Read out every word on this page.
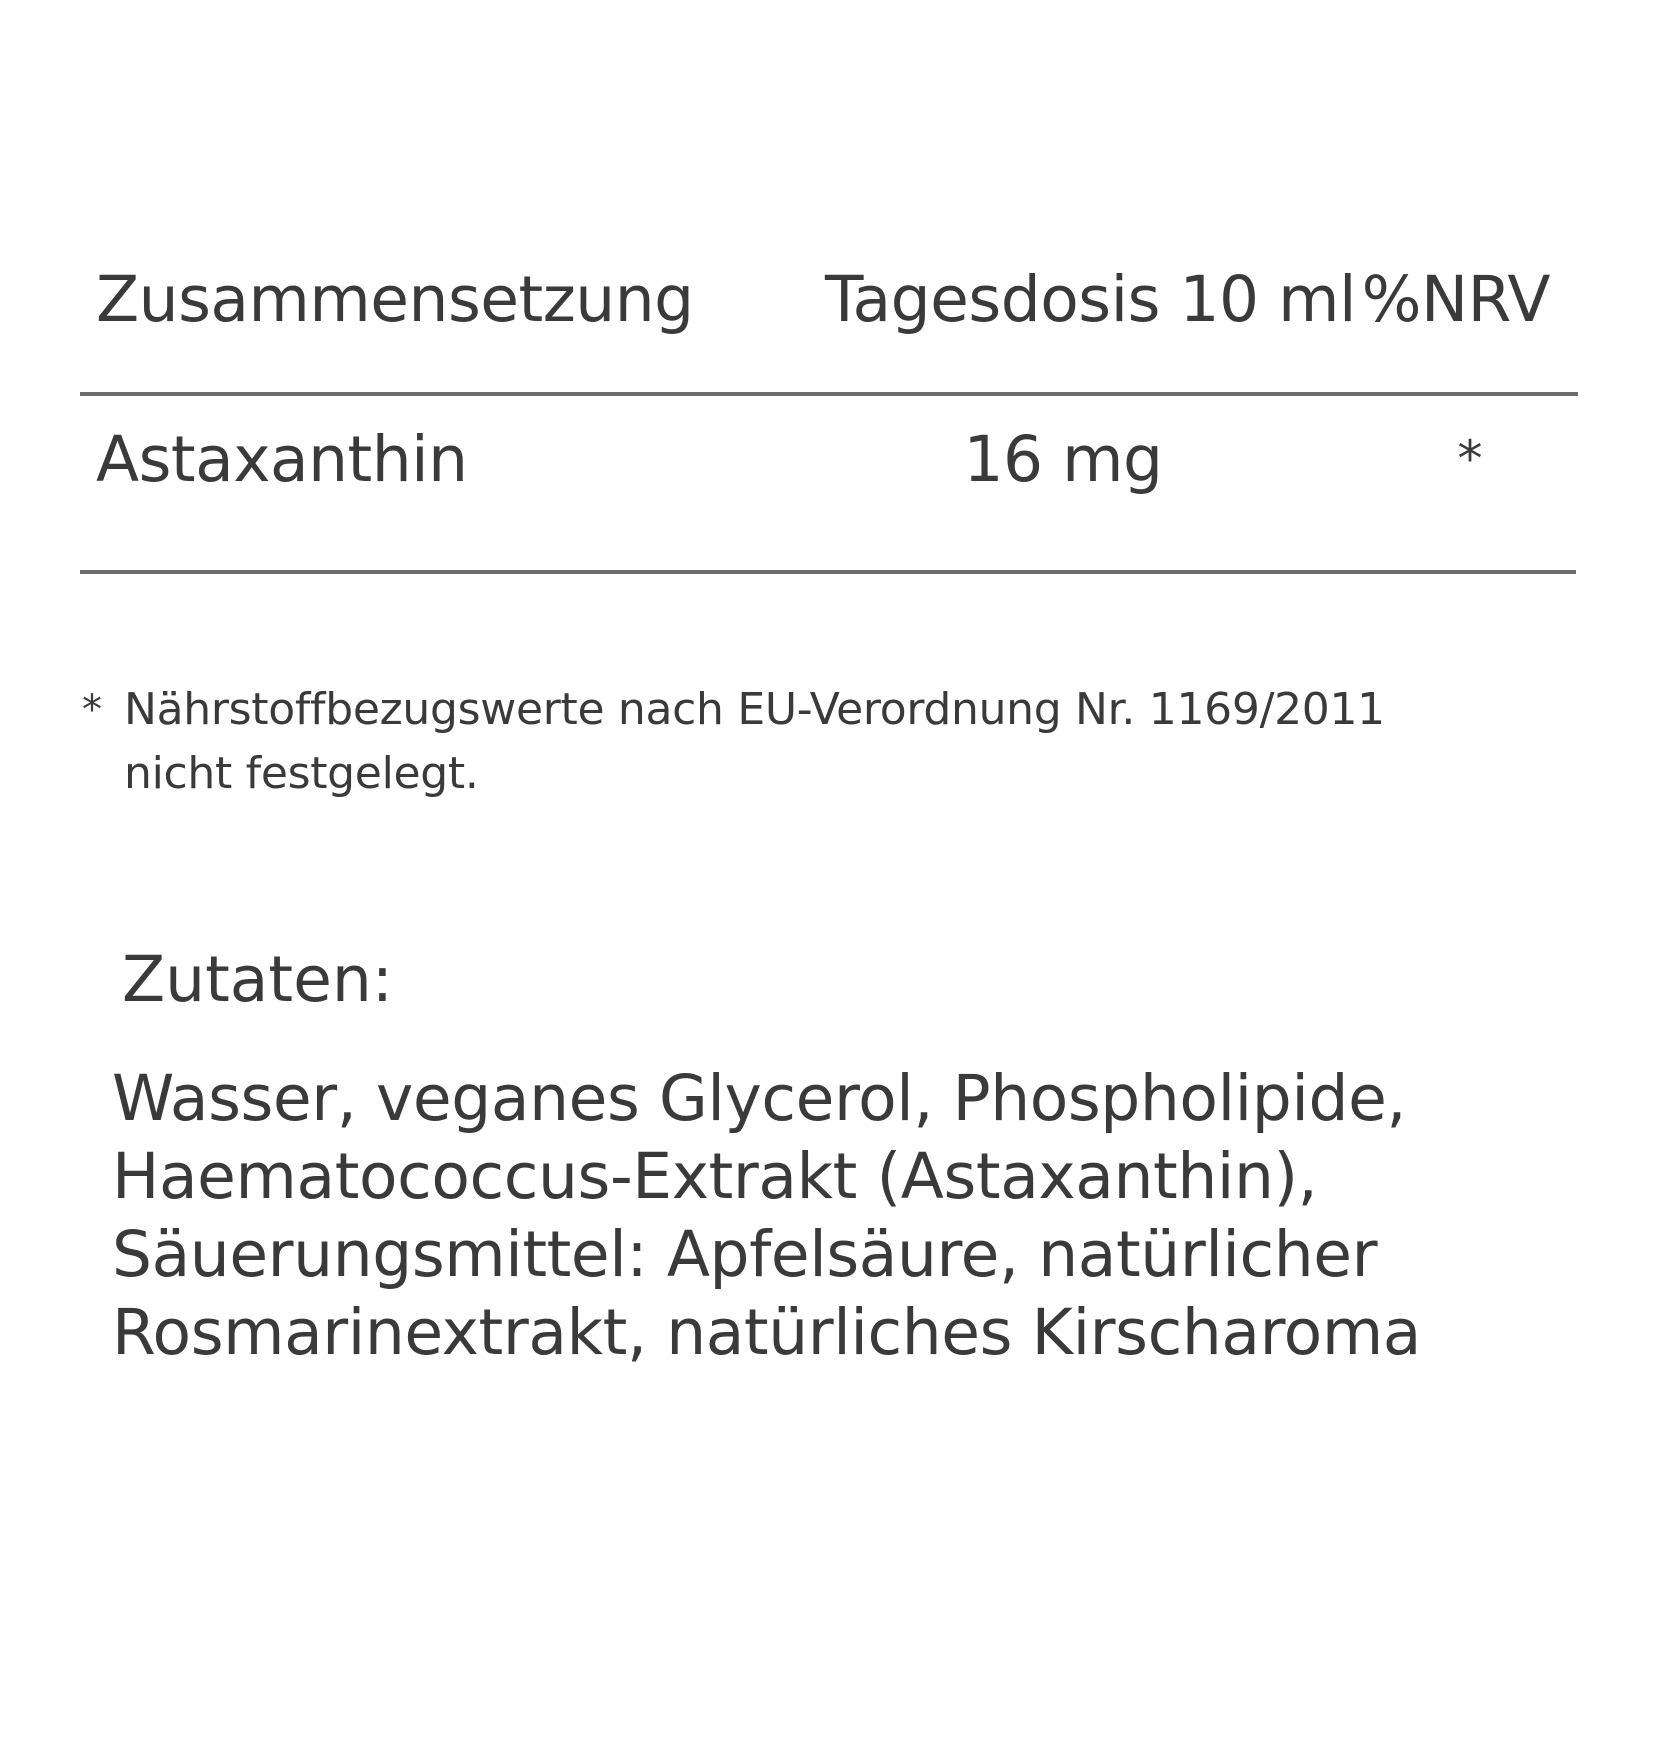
Zusammensetzung Tagesdosis 10 ml %NRV
Astaxanthin	16 mg	*
* Nährstoffbezugswerte nach EU-Verordnung Nr. 1169/2011
nicht festgelegt.
Zutaten:
Wasser, veganes Glycerol, Phospholipide,
Haematococcus-Extrakt (Astaxanthin),
Säuerungsmittel: Apfelsäure, natürlicher
Rosmarinextrakt, natürliches Kirscharoma
